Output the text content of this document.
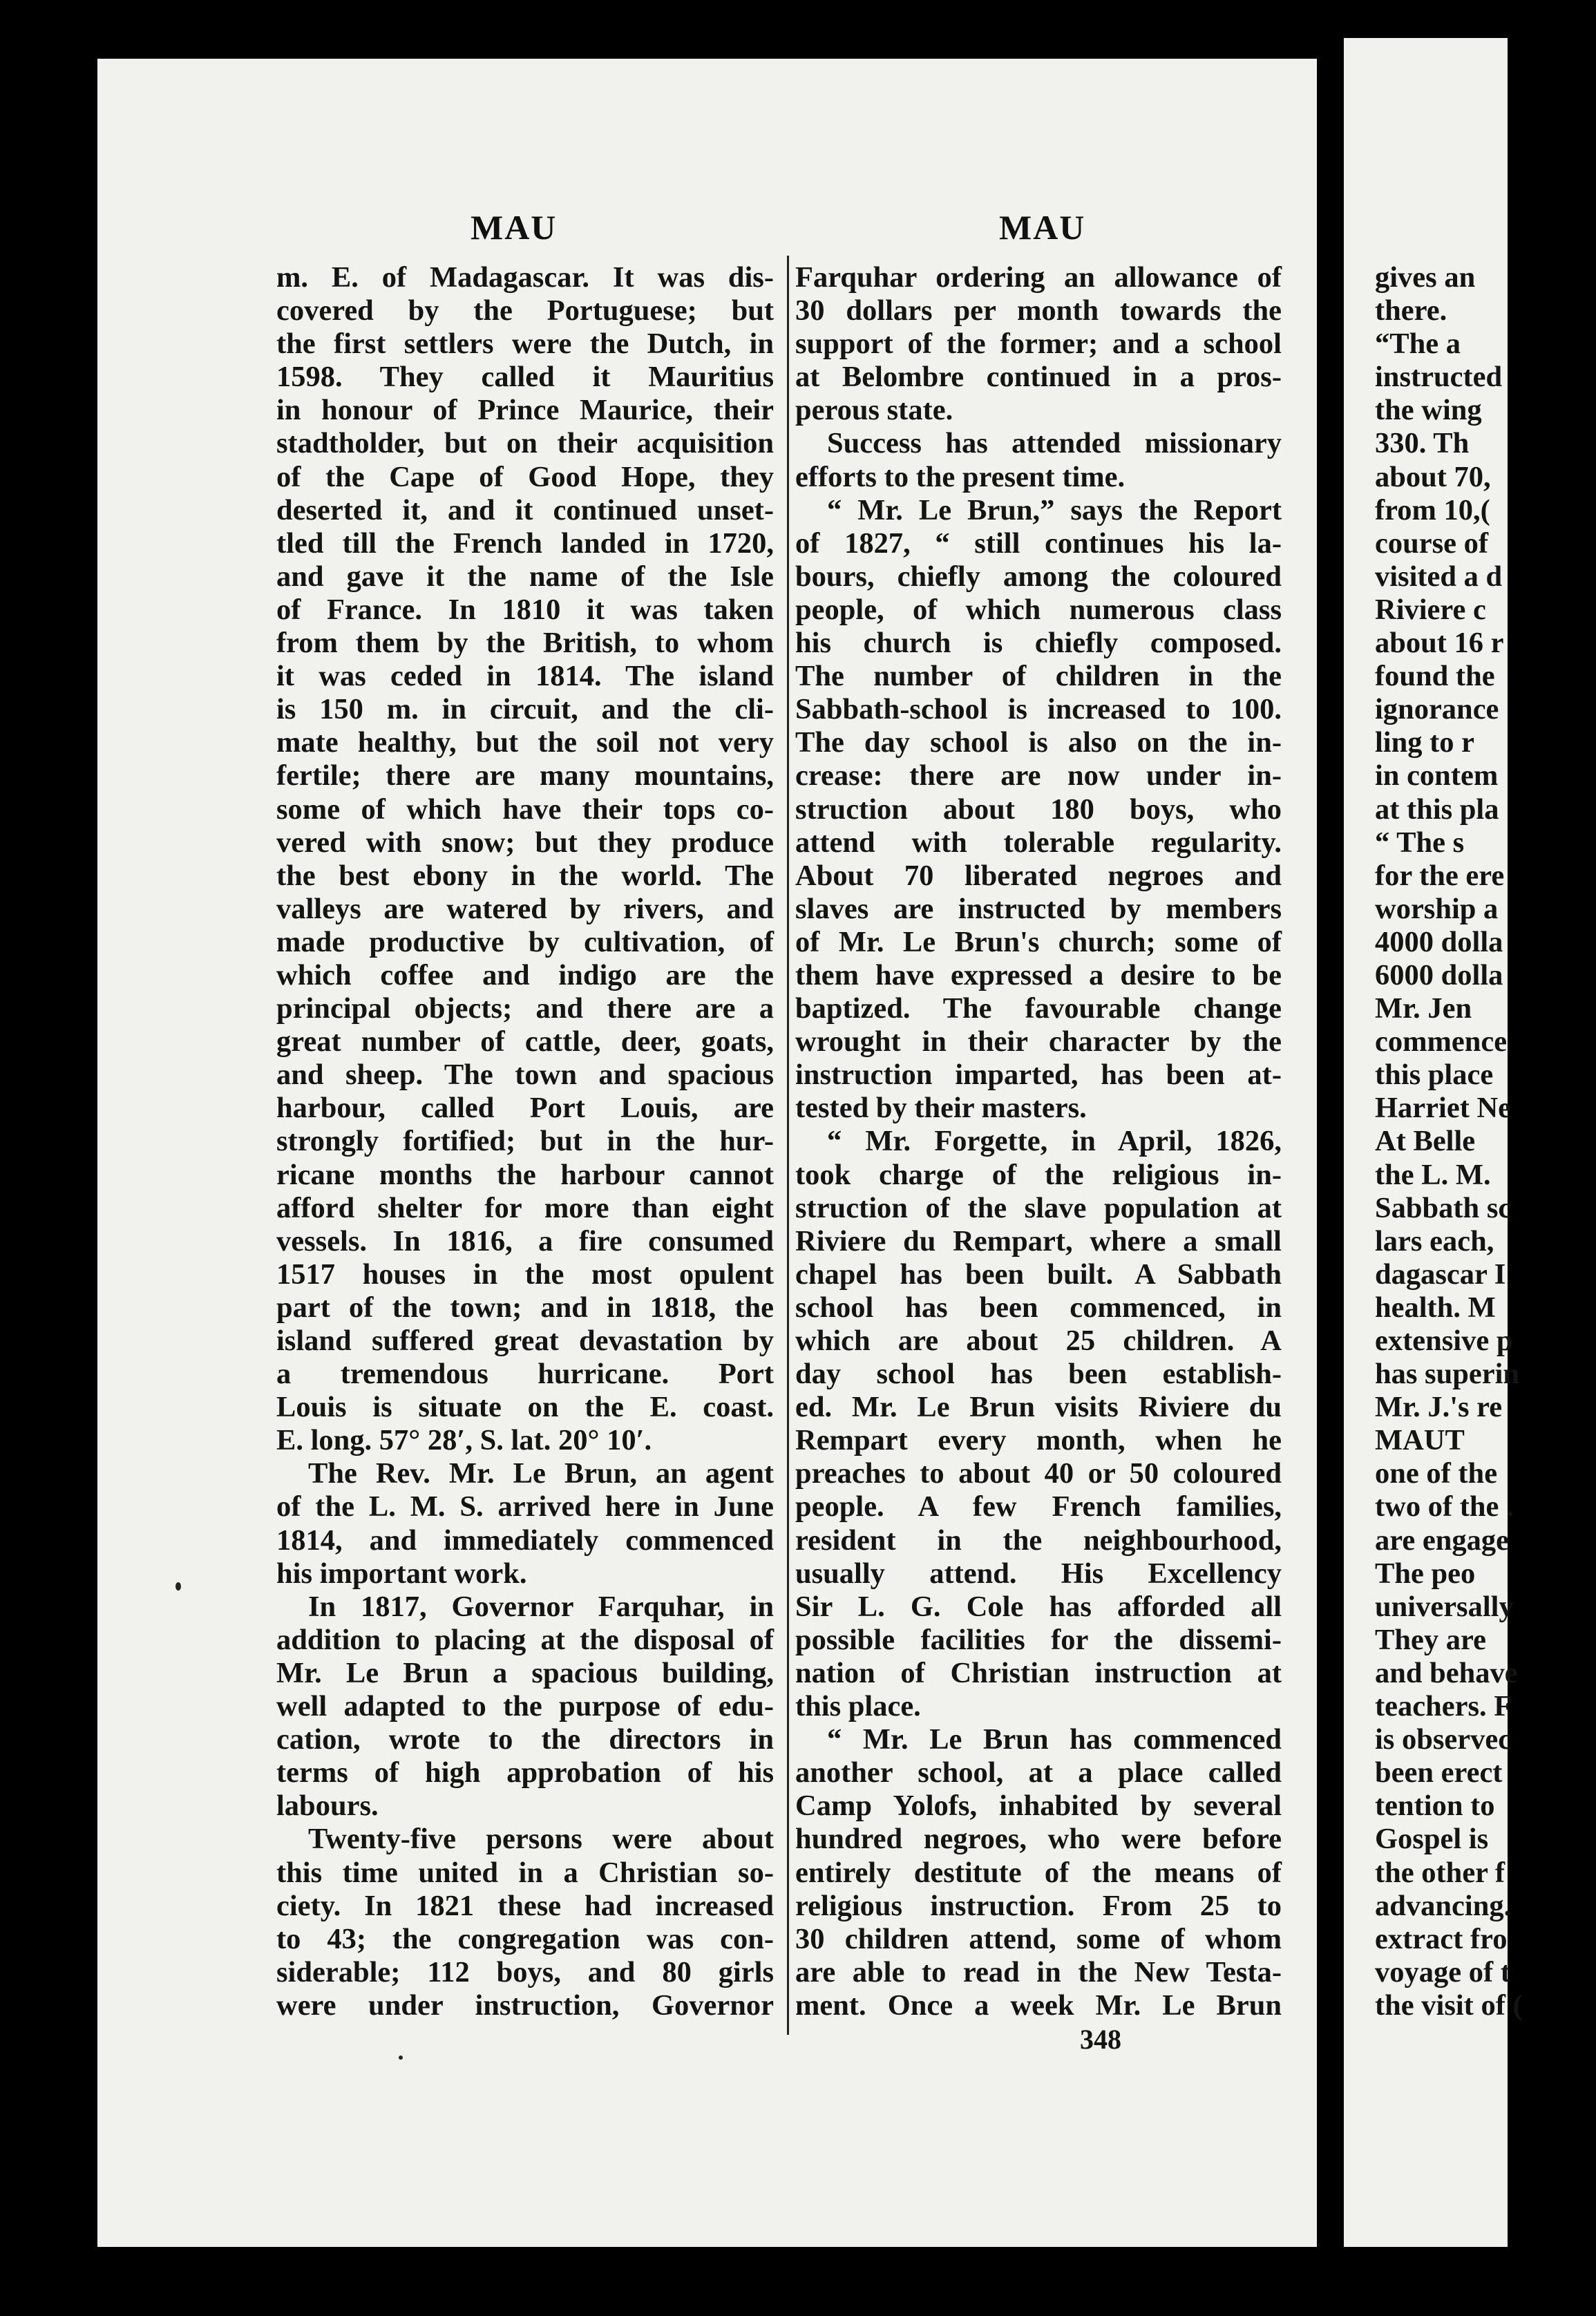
MAU	MAU
m. E. of Madagascar. It was dis-
covered by the Portuguese; but
the first settlers were the Dutch, in
1598. They called it Mauritius
in honour of Prince Maurice, their
stadtholder, but on their acquisition
of the Cape of Good Hope, they
deserted it, and it continued unset-
tled till the French landed in 1720,
and gave it the name of the Isle
of France. In 1810 it was taken
from them by the British, to whom
it was ceded in 1814. The island
is 150 m. in circuit, and the cli-
mate healthy, but the soil not very
fertile; there are many mountains,
some of which have their tops co-
vered with snow; but they produce
the best ebony in the world. The
valleys are watered by rivers, and
made productive by cultivation, of
which coffee and indigo are the
principal objects; and there are a
great number of cattle, deer, goats,
and sheep. The town and spacious
harbour, called Port Louis, are
strongly fortified; but in the hur-
ricane months the harbour cannot
afford shelter for more than eight
vessels. In 1816, a fire consumed
1517 houses in the most opulent
part of the town; and in 1818, the
island suffered great devastation by
a tremendous hurricane. Port
Louis is situate on the E. coast.
E. long. 57° 28′, S. lat. 20° 10′.
The Rev. Mr. Le Brun, an agent
of the L. M. S. arrived here in June
1814, and immediately commenced
his important work.
In 1817, Governor Farquhar, in
addition to placing at the disposal of
Mr. Le Brun a spacious building,
well adapted to the purpose of edu-
cation, wrote to the directors in
terms of high approbation of his
labours.
Twenty-five persons were about
this time united in a Christian so-
ciety. In 1821 these had increased
to 43; the congregation was con-
siderable; 112 boys, and 80 girls
were under instruction, Governor
Farquhar ordering an allowance of
30 dollars per month towards the
support of the former; and a school
at Belombre continued in a pros-
perous state.
Success has attended missionary
efforts to the present time.
“ Mr. Le Brun,” says the Report
of 1827, “ still continues his la-
bours, chiefly among the coloured
people, of which numerous class
his church is chiefly composed.
The number of children in the
Sabbath-school is increased to 100.
The day school is also on the in-
crease: there are now under in-
struction about 180 boys, who
attend with tolerable regularity.
About 70 liberated negroes and
slaves are instructed by members
of Mr. Le Brun's church; some of
them have expressed a desire to be
baptized. The favourable change
wrought in their character by the
instruction imparted, has been at-
tested by their masters.
“ Mr. Forgette, in April, 1826,
took charge of the religious in-
struction of the slave population at
Riviere du Rempart, where a small
chapel has been built. A Sabbath
school has been commenced, in
which are about 25 children. A
day school has been establish-
ed. Mr. Le Brun visits Riviere du
Rempart every month, when he
preaches to about 40 or 50 coloured
people. A few French families,
resident in the neighbourhood,
usually attend. His Excellency
Sir L. G. Cole has afforded all
possible facilities for the dissemi-
nation of Christian instruction at
this place.
“ Mr. Le Brun has commenced
another school, at a place called
Camp Yolofs, inhabited by several
hundred negroes, who were before
entirely destitute of the means of
religious instruction. From 25 to
30 children attend, some of whom
are able to read in the New Testa-
ment. Once a week Mr. Le Brun
gives an
there.
“The a
instructed
the wing
330. Th
about 70,
from 10,(
course of
visited a d
Riviere c
about 16 r
found the
ignorance
ling to r
in contem
at this pla
“ The s
for the ere
worship a
4000 dolla
6000 dolla
Mr. Jen
commence
this place
Harriet Ne
At Belle
the L. M.
Sabbath sc
lars each,
dagascar I
health. M
extensive p
has superin
Mr. J.'s re
MAUT
one of the
two of the .
are engage
The peo
universally
They are
and behave
teachers. F
is observec
been erect
tention to
Gospel is
the other f
advancing.
extract fro
voyage of t
the visit of (
348
